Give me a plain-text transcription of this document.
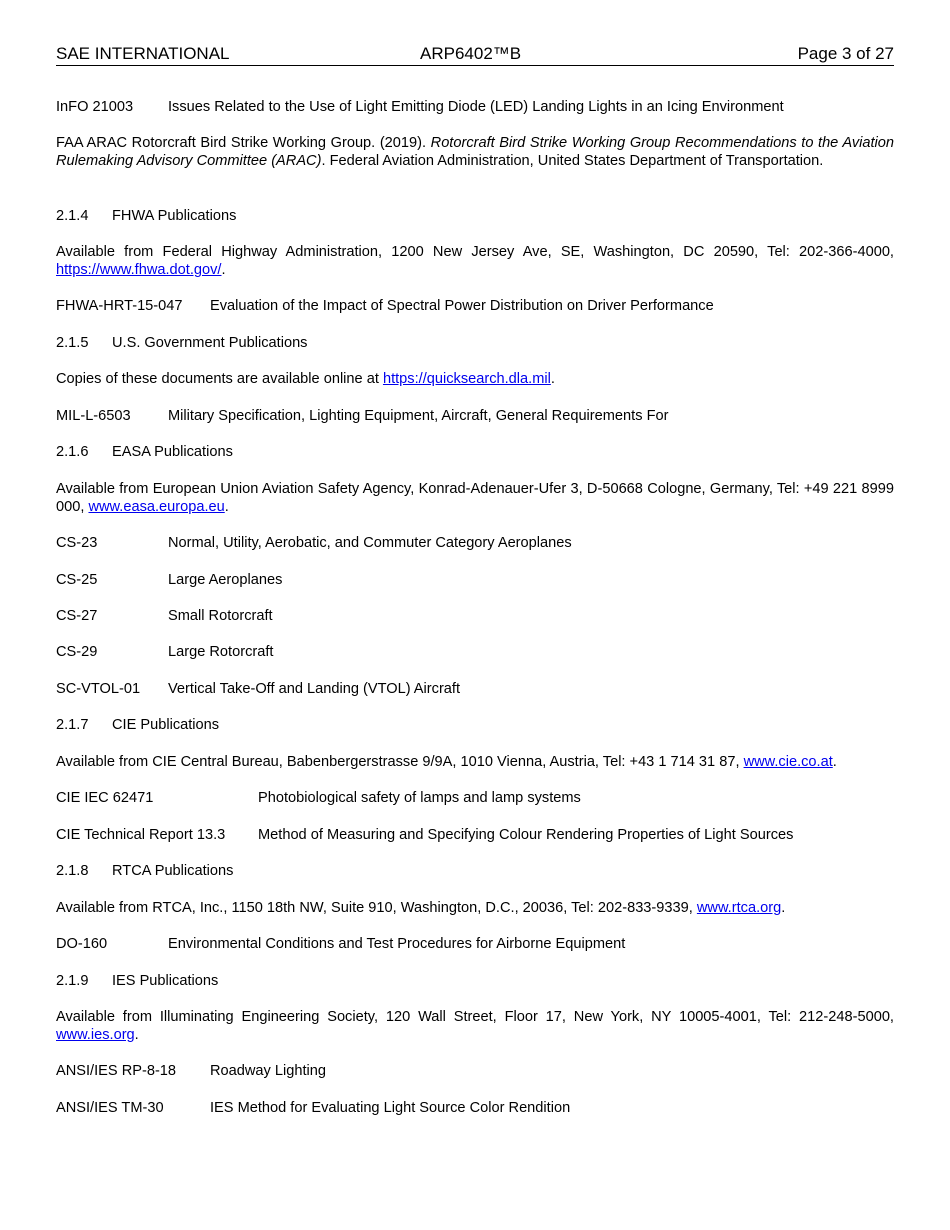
SAE INTERNATIONAL	ARP6402™B	Page 3 of 27
InFO 21003 Issues Related to the Use of Light Emitting Diode (LED) Landing Lights in an Icing Environment
FAA ARAC Rotorcraft Bird Strike Working Group. (2019). Rotorcraft Bird Strike Working Group Recommendations to the Aviation Rulemaking Advisory Committee (ARAC). Federal Aviation Administration, United States Department of Transportation.
2.1.4 FHWA Publications
Available from Federal Highway Administration, 1200 New Jersey Ave, SE, Washington, DC 20590, Tel: 202-366-4000, https://www.fhwa.dot.gov/.
FHWA-HRT-15-047 Evaluation of the Impact of Spectral Power Distribution on Driver Performance
2.1.5 U.S. Government Publications
Copies of these documents are available online at https://quicksearch.dla.mil.
MIL-L-6503	Military Specification, Lighting Equipment, Aircraft, General Requirements For
2.1.6 EASA Publications
Available from European Union Aviation Safety Agency, Konrad-Adenauer-Ufer 3, D-50668 Cologne, Germany, Tel: +49 221 8999 000, www.easa.europa.eu.
CS-23	Normal, Utility, Aerobatic, and Commuter Category Aeroplanes
CS-25	Large Aeroplanes
CS-27	Small Rotorcraft
CS-29	Large Rotorcraft
SC-VTOL-01 Vertical Take-Off and Landing (VTOL) Aircraft
2.1.7 CIE Publications
Available from CIE Central Bureau, Babenbergerstrasse 9/9A, 1010 Vienna, Austria, Tel: +43 1 714 31 87, www.cie.co.at.
CIE IEC 62471	Photobiological safety of lamps and lamp systems
CIE Technical Report 13.3 Method of Measuring and Specifying Colour Rendering Properties of Light Sources
2.1.8 RTCA Publications
Available from RTCA, Inc., 1150 18th NW, Suite 910, Washington, D.C., 20036, Tel: 202-833-9339, www.rtca.org.
DO-160	Environmental Conditions and Test Procedures for Airborne Equipment
2.1.9 IES Publications
Available from Illuminating Engineering Society, 120 Wall Street, Floor 17, New York, NY 10005-4001, Tel: 212-248-5000, www.ies.org.
ANSI/IES RP-8-18 Roadway Lighting
ANSI/IES TM-30	IES Method for Evaluating Light Source Color Rendition
